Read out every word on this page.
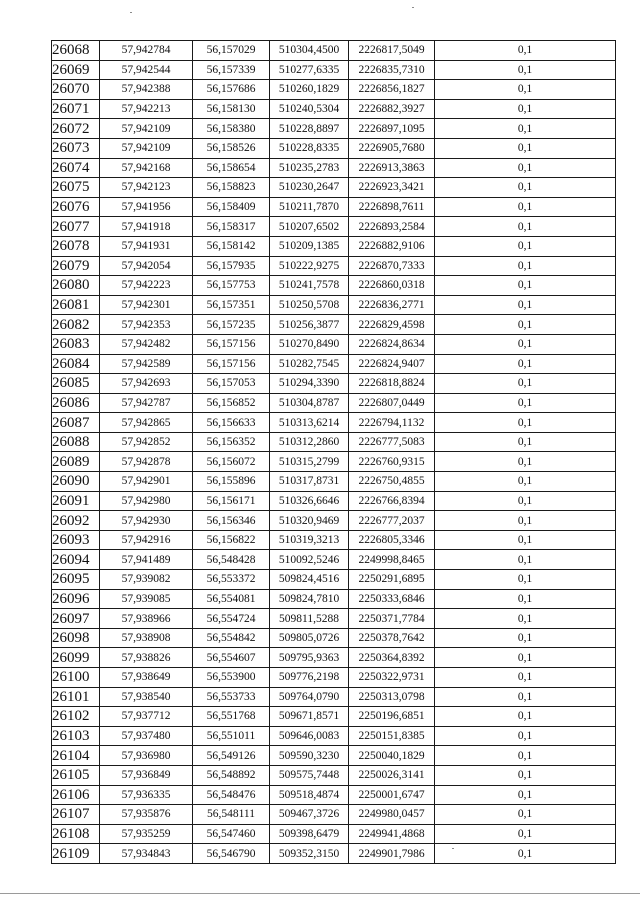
26068	57,942784	56,157029	510304,4500	2226817,5049	0,1
26069	57,942544	56,157339	510277,6335	2226835,7310	0,1
26070	57,942388	56,157686	510260,1829	2226856,1827	0,1
26071	57,942213	56,158130	510240,5304	2226882,3927	0,1
26072	57,942109	56,158380	510228,8897	2226897,1095	0,1
26073	57,942109	56,158526	510228,8335	2226905,7680	0,1
26074	57,942168	56,158654	510235,2783	2226913,3863	0,1
26075	57,942123	56,158823	510230,2647	2226923,3421	0,1
26076	57,941956	56,158409	510211,7870	2226898,7611	0,1
26077	57,941918	56,158317	510207,6502	2226893,2584	0,1
26078	57,941931	56,158142	510209,1385	2226882,9106	0,1
26079	57,942054	56,157935	510222,9275	2226870,7333	0,1
26080	57,942223	56,157753	510241,7578	2226860,0318	0,1
26081	57,942301	56,157351	510250,5708	2226836,2771	0,1
26082	57,942353	56,157235	510256,3877	2226829,4598	0,1
26083	57,942482	56,157156	510270,8490	2226824,8634	0,1
26084	57,942589	56,157156	510282,7545	2226824,9407	0,1
26085	57,942693	56,157053	510294,3390	2226818,8824	0,1
26086	57,942787	56,156852	510304,8787	2226807,0449	0,1
26087	57,942865	56,156633	510313,6214	2226794,1132	0,1
26088	57,942852	56,156352	510312,2860	2226777,5083	0,1
26089	57,942878	56,156072	510315,2799	2226760,9315	0,1
26090	57,942901	56,155896	510317,8731	2226750,4855	0,1
26091	57,942980	56,156171	510326,6646	2226766,8394	0,1
26092	57,942930	56,156346	510320,9469	2226777,2037	0,1
26093	57,942916	56,156822	510319,3213	2226805,3346	0,1
26094	57,941489	56,548428	510092,5246	2249998,8465	0,1
26095	57,939082	56,553372	509824,4516	2250291,6895	0,1
26096	57,939085	56,554081	509824,7810	2250333,6846	0,1
26097	57,938966	56,554724	509811,5288	2250371,7784	0,1
26098	57,938908	56,554842	509805,0726	2250378,7642	0,1
26099	57,938826	56,554607	509795,9363	2250364,8392	0,1
26100	57,938649	56,553900	509776,2198	2250322,9731	0,1
26101	57,938540	56,553733	509764,0790	2250313,0798	0,1
26102	57,937712	56,551768	509671,8571	2250196,6851	0,1
26103	57,937480	56,551011	509646,0083	2250151,8385	0,1
26104	57,936980	56,549126	509590,3230	2250040,1829	0,1
26105	57,936849	56,548892	509575,7448	2250026,3141	0,1
26106	57,936335	56,548476	509518,4874	2250001,6747	0,1
26107	57,935876	56,548111	509467,3726	2249980,0457	0,1
26108	57,935259	56,547460	509398,6479	2249941,4868	0,1
26109	57,934843	56,546790	509352,3150	2249901,7986	0,1
